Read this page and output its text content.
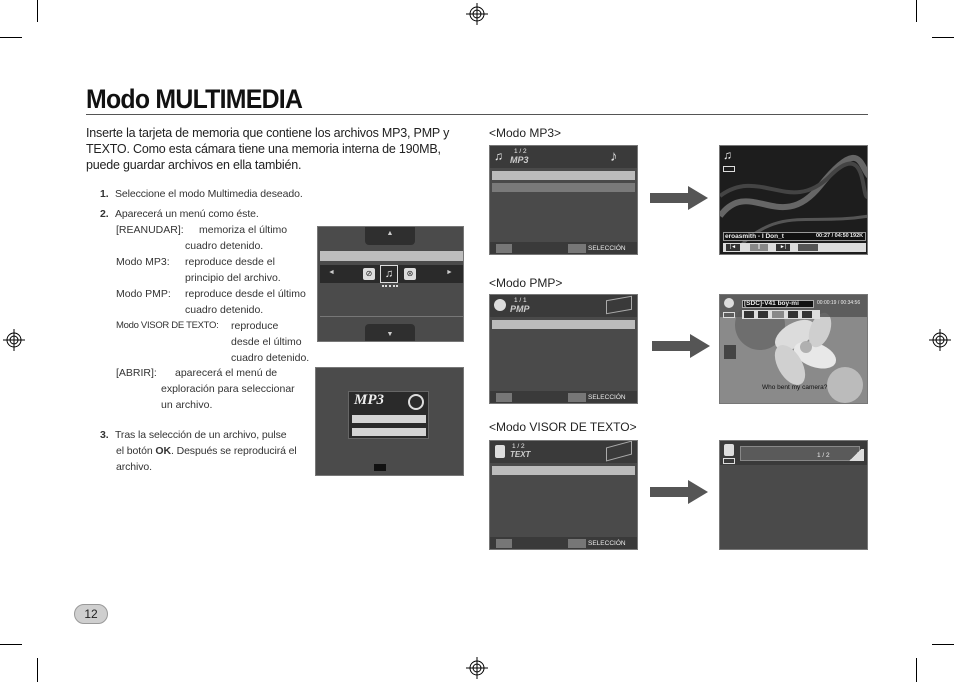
Modo MULTIMEDIA
Inserte la tarjeta de memoria que contiene los archivos MP3, PMP y TEXTO. Como esta cámara tiene una memoria interna de 190MB, puede guardar archivos en ella también.
1. Seleccione el modo Multimedia deseado.
2. Aparecerá un menú como éste.
[REANUDAR]: memoriza el último
cuadro detenido.
Modo MP3: reproduce desde el
principio del archivo.
Modo PMP: reproduce desde el último
cuadro detenido.
Modo VISOR DE TEXTO: reproduce
desde el último
cuadro detenido.
[ABRIR]: aparecerá el menú de
exploración para seleccionar
un archivo.
3. Tras la selección de un archivo, pulse
el botón OK. Después se reproducirá el
archivo.
▲
◄	►
⊘	♫	⊛
▼
MP3
<Modo MP3>
<Modo PMP>
<Modo VISOR DE TEXTO>
♫ 1 / 2
MP3	♪
SELECCIÓN
1 / 1
PMP
SELECCIÓN
1 / 2
TEXT
SELECCIÓN
♫
eroasmith - I Don_t	00:27 / 04:50 192K
|◄	||	►|
[SDC]-V41 boy-mi	00:00:19 / 00:34:56
Who bent my camera?
1 / 2
12
